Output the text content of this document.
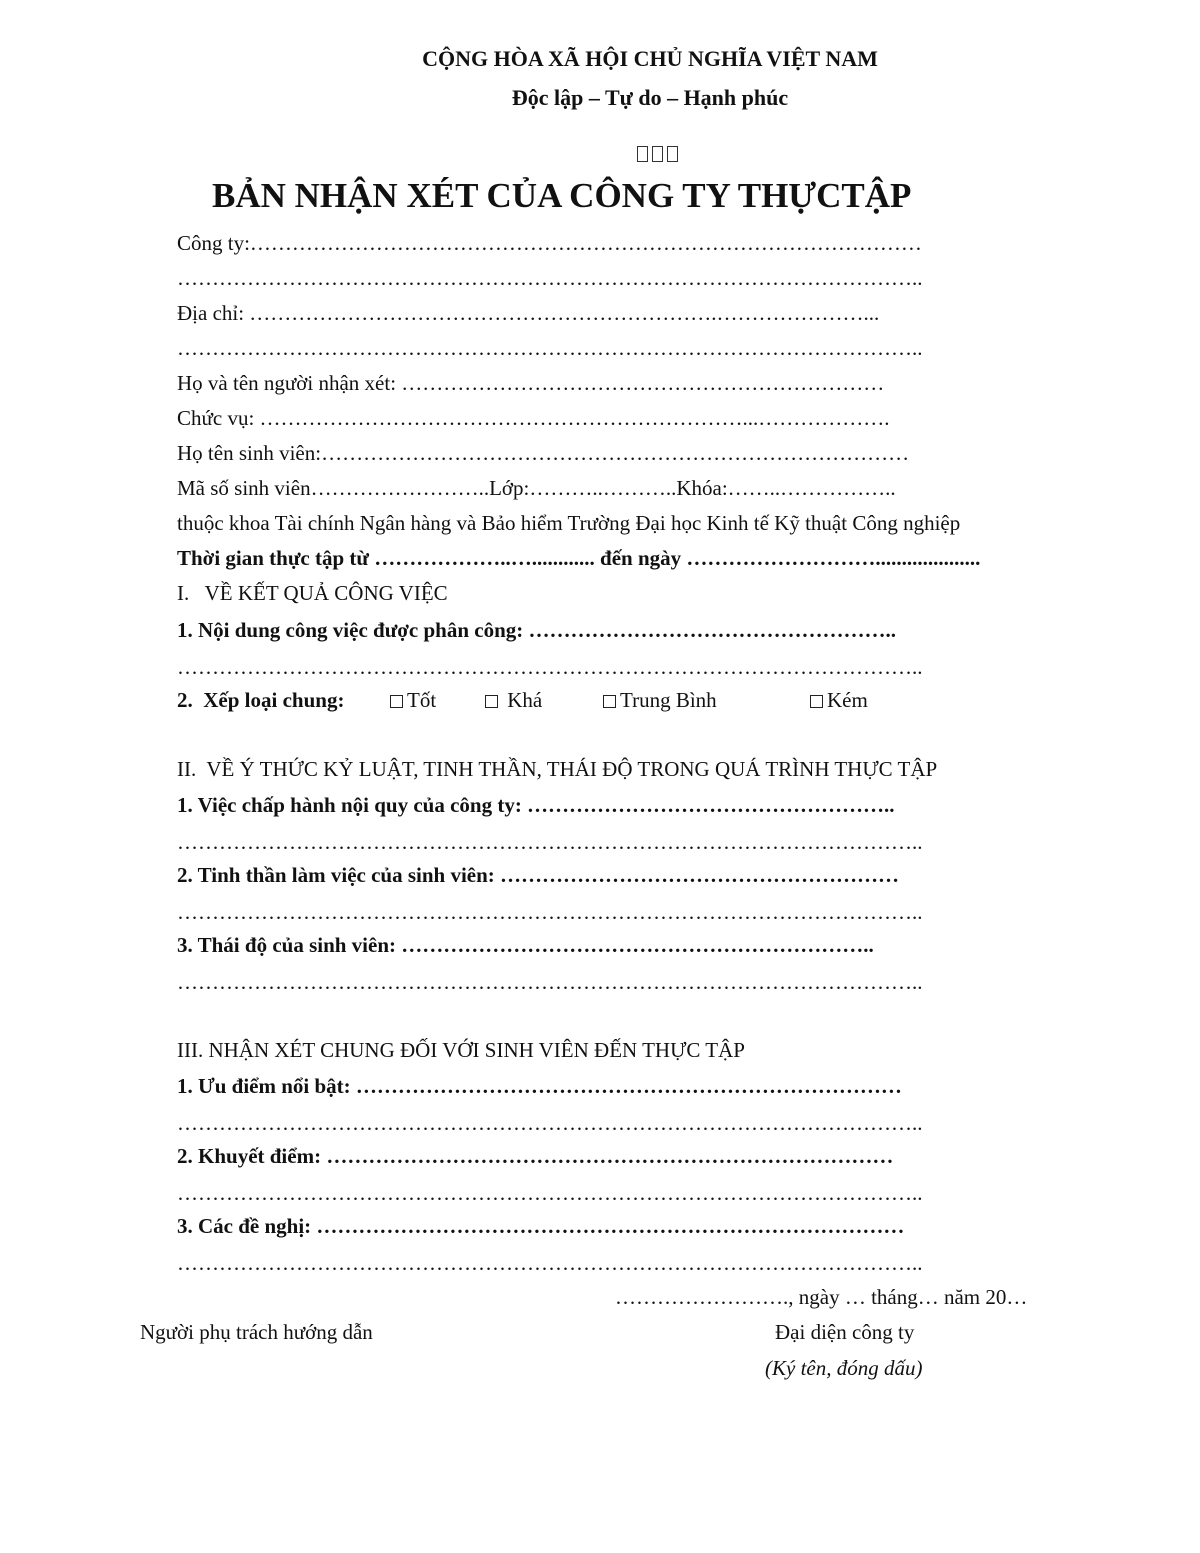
CỘNG HÒA XÃ HỘI CHỦ NGHĨA VIỆT NAM
Độc lập – Tự do – Hạnh phúc

BẢN NHẬN XÉT CỦA CÔNG TY THỰCTẬP
Công ty:……………………………………………………………………………………
……………………………………………………………………………………………..
Địa chỉ: ………………………………………………………….…………………...
……………………………………………………………………………………………..
Họ và tên người nhận xét: ……………………………………………………………
Chức vụ: ……………………………………………………………...……………….
Họ tên sinh viên:…………………………………………………………………………
Mã số sinh viên……………………..Lớp:………..………..Khóa:……..……………..
thuộc khoa Tài chính Ngân hàng và Bảo hiểm Trường Đại học Kinh tế Kỹ thuật Công nghiệp
Thời gian thực tập từ ………………..…............ đến ngày ………………………....................
I.   VỀ KẾT QUẢ CÔNG VIỆC
1. Nội dung công việc được phân công: ……………………………………………..
……………………………………………………………………………………………..
2.  Xếp loại chung:	Tốt	Khá	Trung Bình	Kém
II.  VỀ Ý THỨC KỶ LUẬT, TINH THẦN, THÁI ĐỘ TRONG QUÁ TRÌNH THỰC TẬP
1. Việc chấp hành nội quy của công ty: ……………………………………………..
……………………………………………………………………………………………..
2. Tinh thần làm việc của sinh viên: …………………………………………………
……………………………………………………………………………………………..
3. Thái độ của sinh viên: …………………………………………………………..
……………………………………………………………………………………………..
III. NHẬN XÉT CHUNG ĐỐI VỚI SINH VIÊN ĐẾN THỰC TẬP
1. Ưu điểm nổi bật: ……………………………………………………………………
……………………………………………………………………………………………..
2. Khuyết điểm: ………………………………………………………………………
……………………………………………………………………………………………..
3. Các đề nghị: …………………………………………………………………………
……………………………………………………………………………………………..
……………………., ngày … tháng… năm 20…
Người phụ trách hướng dẫn	Đại diện công ty
(Ký tên, đóng dấu)
